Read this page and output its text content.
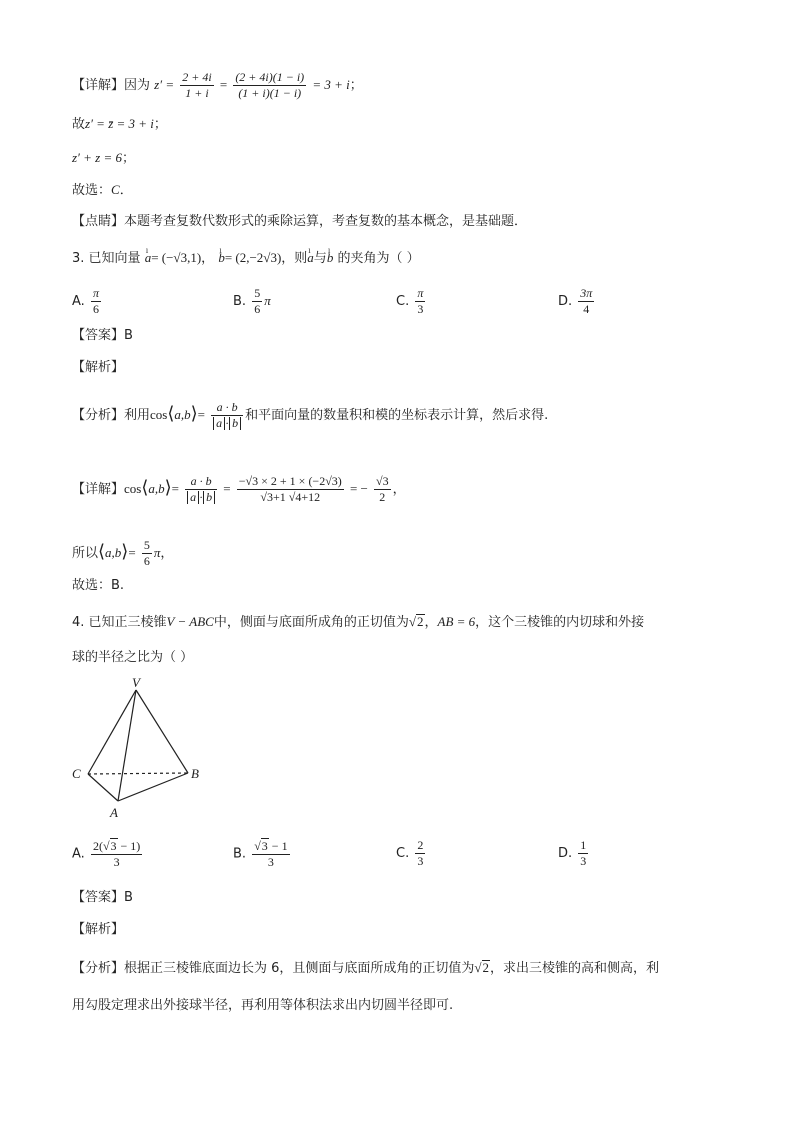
【详解】因为 $z' = \frac{2 + 4i}{1 + i} = \frac{(2 + 4i)(1 - i)}{(1 + i)(1 - i)} = 3 + i$；
故z′ = z̄ = 3 + i；
z′ + z = 6；
故选：C．
【点睛】本题考查复数代数形式的乘除运算，考查复数的基本概念，是基础题．
3. 已知向量 ı a= (−√3,1)， ı b= (2,−2√3)，则ı a与ı b 的夹角为（ ）
A. $\frac{\pi}{6}$	B. $\frac{5}{6}$ π	C. $\frac{\pi}{3}$	D. $\frac{3\pi}{4}$
【答案】B
【解析】
【分析】利用cos⟨a,b⟩= $\frac{a \cdot b}{a \cdot b}$ 和平面向量的数量积和模的坐标表示计算，然后求得.
【详解】cos⟨a,b⟩= $\frac{a \cdot b}{a \cdot b} = \frac{-√3 \times 2 + 1 \times (-2√3)}{√3+1 √4+12}$ = − $\frac{√3}{2}$ ，
所以⟨a,b⟩= $\frac{5}{6}$ π，
故选：B.
4. 已知正三棱锥V − ABC中，侧面与底面所成角的正切值为√2，AB = 6，这个三棱锥的内切球和外接
球的半径之比为（ ）
V
C	B
A
A. $\frac{2(√3 - 1)}{3}$	B. $\frac{√3 - 1}{3}$	C. $\frac{2}{3}$	D. $\frac{1}{3}$
【答案】B
【解析】
【分析】根据正三棱锥底面边长为 6，且侧面与底面所成角的正切值为√2，求出三棱锥的高和侧高，利
用勾股定理求出外接球半径，再利用等体积法求出内切圆半径即可.
